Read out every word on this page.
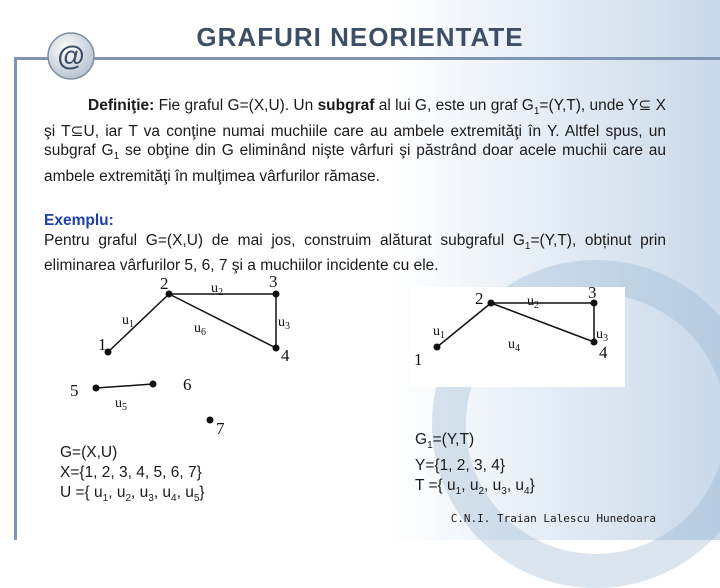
@
GRAFURI NEORIENTATE

Definiţie: Fie graful G=(X,U). Un subgraf al lui G, este un graf $G_1=(Y,T)$, unde Y⊆ X şi T⊆U, iar T va conţine numai muchiile care au ambele extremităţi în Y. Altfel spus, un subgraf $G_1$ se obţine din G eliminând nişte vârfuri şi păstrând doar acele muchii care au ambele extremităţi în mulţimea vârfurilor rămase.

Exemplu:
Pentru graful G=(X,U) de mai jos, construim alăturat subgraful $G_1=(Y,T)$, obținut prin eliminarea vârfurilor 5, 6, 7 şi a muchiilor incidente cu ele.

1
2	3
4
5	6
7
$u_1$
$u_2$
$u_3$
$u_6$
$u_5$
1
2	3
4
$u_1$
$u_2$
$u_3$
$u_4$

G=(X,U)
X={1, 2, 3, 4, 5, 6, 7}
U ={ $u_1$, $u_2$, $u_3$, $u_4$, $u_5$}

$G_1=(Y,T)$
Y={1, 2, 3, 4}
T ={ $u_1$, $u_2$, $u_3$, $u_4$}

C.N.I. Traian Lalescu Hunedoara
